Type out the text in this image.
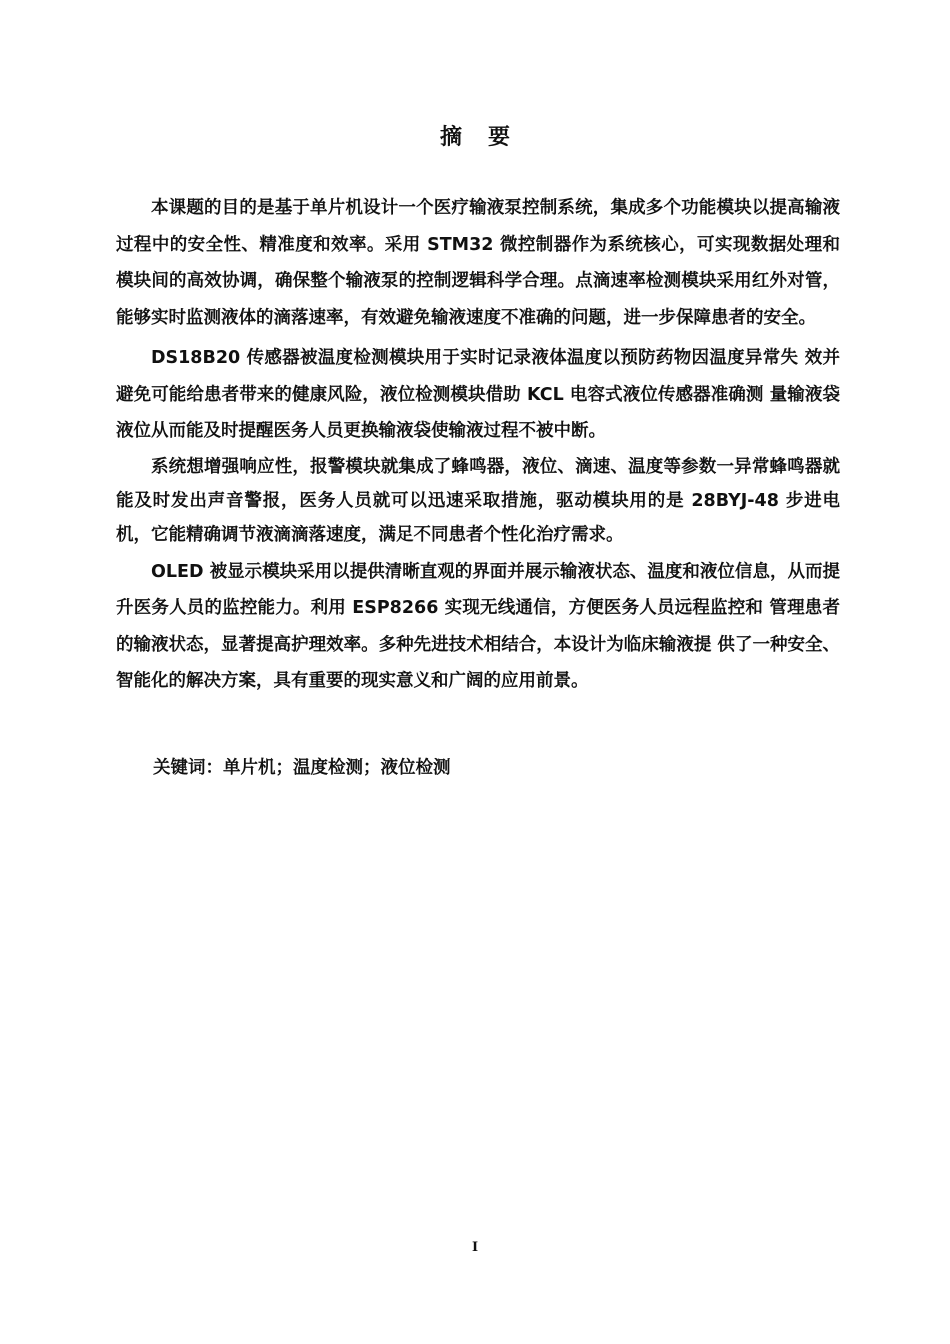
摘要

本课题的目的是基于单片机设计一个医疗输液泵控制系统，集成多个功能模块以提高输液过程中的安全性、精准度和效率。采用 STM32 微控制器作为系统核心，可实现数据处理和模块间的高效协调，确保整个输液泵的控制逻辑科学合理。点滴速率检测模块采用红外对管，能够实时监测液体的滴落速率，有效避免输液速度不准确的问题，进一步保障患者的安全。

DS18B20 传感器被温度检测模块用于实时记录液体温度以预防药物因温度异常失 效并避免可能给患者带来的健康风险，液位检测模块借助 KCL 电容式液位传感器准确测 量输液袋液位从而能及时提醒医务人员更换输液袋使输液过程不被中断。

系统想增强响应性，报警模块就集成了蜂鸣器，液位、滴速、温度等参数一异常蜂鸣器就能及时发出声音警报，医务人员就可以迅速采取措施，驱动模块用的是 28BYJ-48 步进电机，它能精确调节液滴滴落速度，满足不同患者个性化治疗需求。

OLED 被显示模块采用以提供清晰直观的界面并展示输液状态、温度和液位信息，从而提升医务人员的监控能力。利用 ESP8266 实现无线通信，方便医务人员远程监控和 管理患者的输液状态，显著提高护理效率。多种先进技术相结合，本设计为临床输液提 供了一种安全、智能化的解决方案，具有重要的现实意义和广阔的应用前景。

关键词：单片机；温度检测；液位检测
I
